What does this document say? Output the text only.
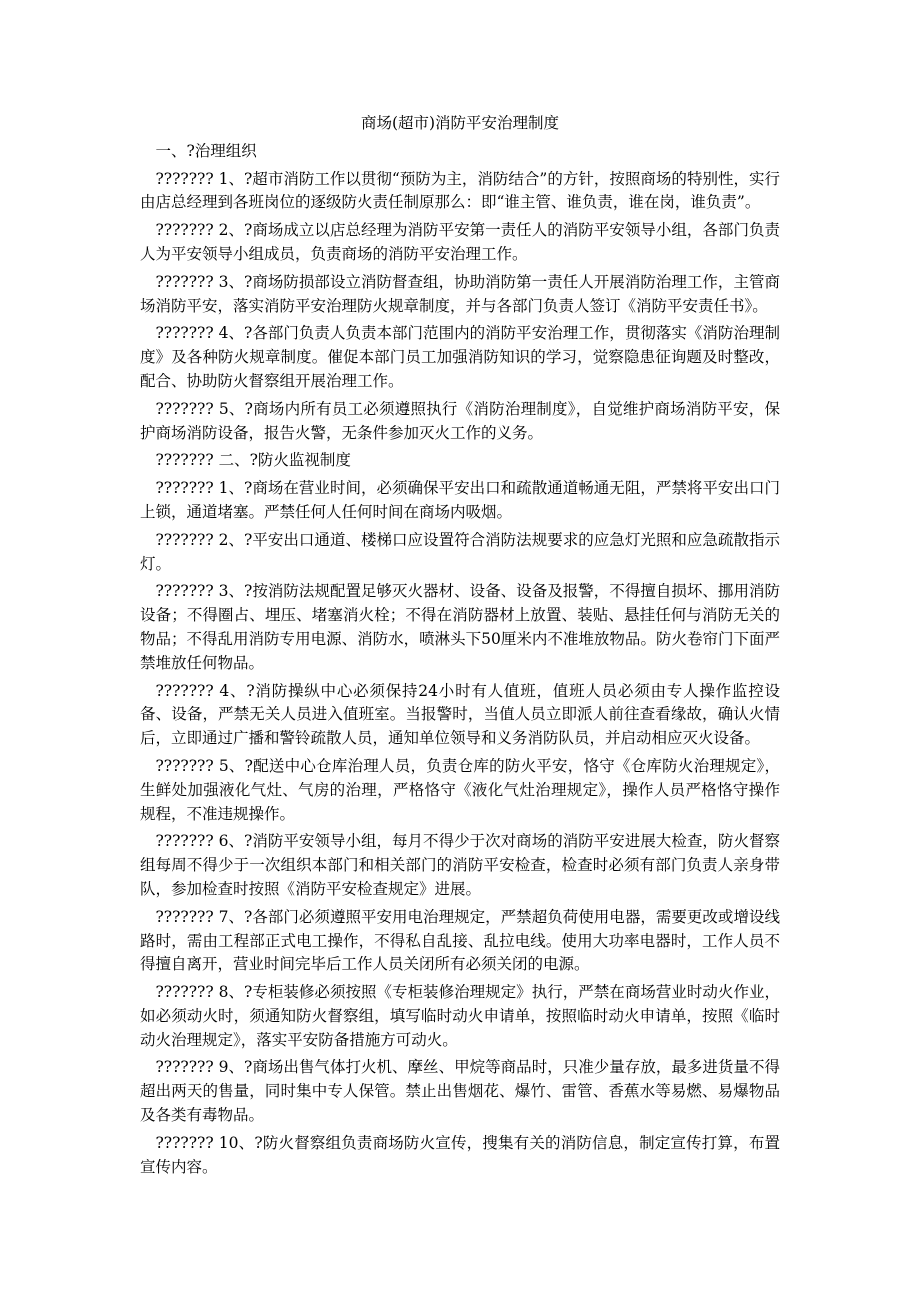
商场(超市)消防平安治理制度

一、?治理组织

??????? 1、?超市消防工作以贯彻“预防为主，消防结合”的方针，按照商场的特别性，实行由店总经理到各班岗位的逐级防火责任制原那么：即“谁主管、谁负责，谁在岗，谁负责”。

??????? 2、?商场成立以店总经理为消防平安第一责任人的消防平安领导小组，各部门负责人为平安领导小组成员，负责商场的消防平安治理工作。

??????? 3、?商场防损部设立消防督查组，协助消防第一责任人开展消防治理工作，主管商场消防平安，落实消防平安治理防火规章制度，并与各部门负责人签订《消防平安责任书》。

??????? 4、?各部门负责人负责本部门范围内的消防平安治理工作，贯彻落实《消防治理制度》及各种防火规章制度。催促本部门员工加强消防知识的学习，觉察隐患征询题及时整改，配合、协助防火督察组开展治理工作。

??????? 5、?商场内所有员工必须遵照执行《消防治理制度》，自觉维护商场消防平安，保护商场消防设备，报告火警，无条件参加灭火工作的义务。

??????? 二、?防火监视制度

??????? 1、?商场在营业时间，必须确保平安出口和疏散通道畅通无阻，严禁将平安出口门上锁，通道堵塞。严禁任何人任何时间在商场内吸烟。

??????? 2、?平安出口通道、楼梯口应设置符合消防法规要求的应急灯光照和应急疏散指示灯。

??????? 3、?按消防法规配置足够灭火器材、设备、设备及报警，不得擅自损坏、挪用消防设备；不得圈占、埋压、堵塞消火栓；不得在消防器材上放置、装贴、悬挂任何与消防无关的物品；不得乱用消防专用电源、消防水，喷淋头下50厘米内不准堆放物品。防火卷帘门下面严禁堆放任何物品。

??????? 4、?消防操纵中心必须保持24小时有人值班，值班人员必须由专人操作监控设备、设备，严禁无关人员进入值班室。当报警时，当值人员立即派人前往查看缘故，确认火情后，立即通过广播和警铃疏散人员，通知单位领导和义务消防队员，并启动相应灭火设备。

??????? 5、?配送中心仓库治理人员，负责仓库的防火平安，恪守《仓库防火治理规定》，生鲜处加强液化气灶、气房的治理，严格恪守《液化气灶治理规定》，操作人员严格恪守操作规程，不准违规操作。

??????? 6、?消防平安领导小组，每月不得少于次对商场的消防平安进展大检查，防火督察组每周不得少于一次组织本部门和相关部门的消防平安检查，检查时必须有部门负责人亲身带队，参加检查时按照《消防平安检查规定》进展。

??????? 7、?各部门必须遵照平安用电治理规定，严禁超负荷使用电器，需要更改或增设线路时，需由工程部正式电工操作，不得私自乱接、乱拉电线。使用大功率电器时，工作人员不得擅自离开，营业时间完毕后工作人员关闭所有必须关闭的电源。

??????? 8、?专柜装修必须按照《专柜装修治理规定》执行，严禁在商场营业时动火作业，如必须动火时，须通知防火督察组，填写临时动火申请单，按照临时动火申请单，按照《临时动火治理规定》，落实平安防备措施方可动火。

??????? 9、?商场出售气体打火机、摩丝、甲烷等商品时，只准少量存放，最多进货量不得超出两天的售量，同时集中专人保管。禁止出售烟花、爆竹、雷管、香蕉水等易燃、易爆物品及各类有毒物品。

??????? 10、?防火督察组负责商场防火宣传，搜集有关的消防信息，制定宣传打算，布置宣传内容。
